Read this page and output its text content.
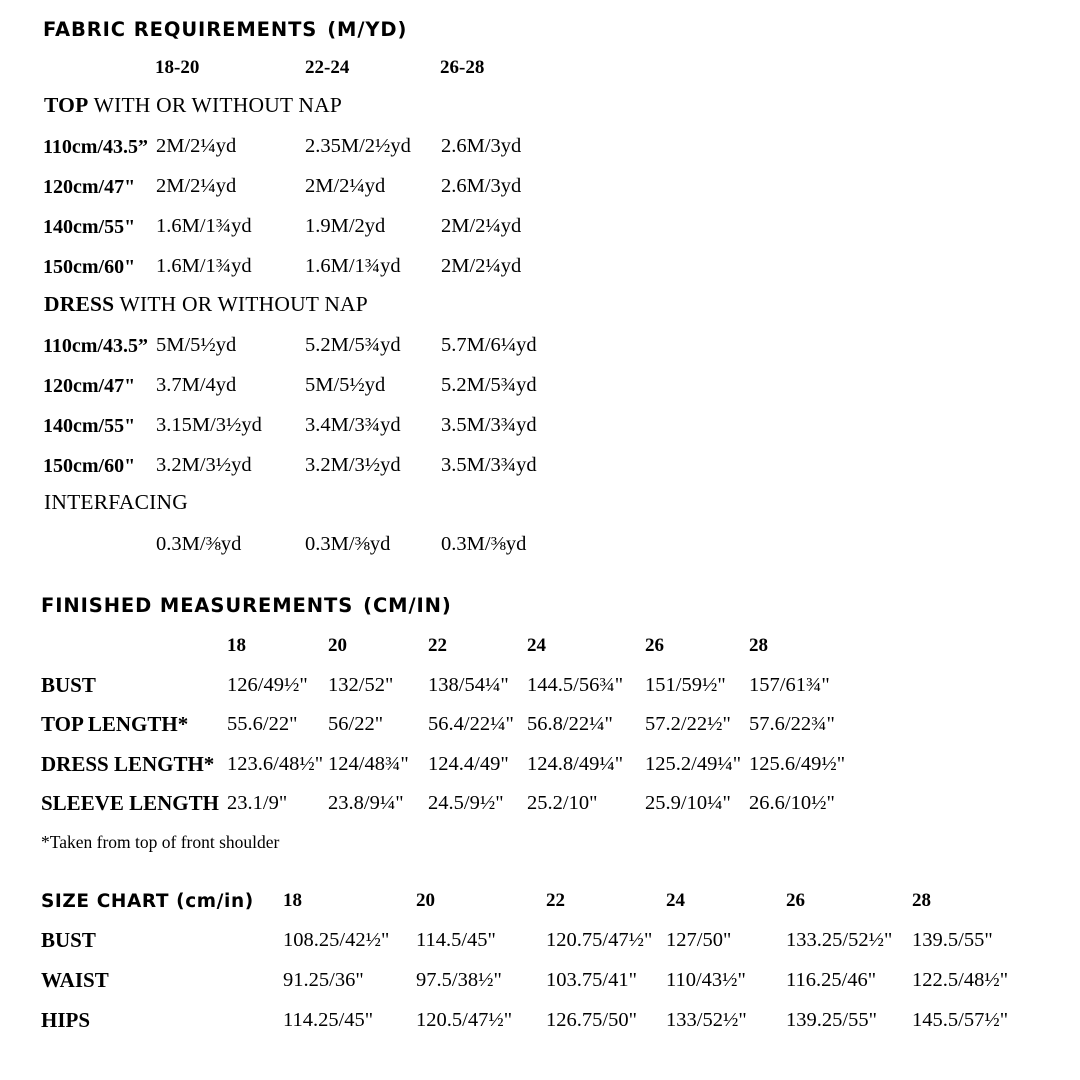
FABRIC REQUIREMENTS (M/YD)
18-20	22-24	26-28
TOP WITH OR WITHOUT NAP
110cm/43.5” 2M/2¼yd	2.35M/2½yd 2.6M/3yd
120cm/47" 2M/2¼yd	2M/2¼yd	2.6M/3yd
140cm/55" 1.6M/1¾yd	1.9M/2yd	2M/2¼yd
150cm/60" 1.6M/1¾yd	1.6M/1¾yd 2M/2¼yd
DRESS WITH OR WITHOUT NAP
110cm/43.5” 5M/5½yd	5.2M/5¾yd 5.7M/6¼yd
120cm/47" 3.7M/4yd	5M/5½yd	5.2M/5¾yd
140cm/55" 3.15M/3½yd 3.4M/3¾yd 3.5M/3¾yd
150cm/60" 3.2M/3½yd	3.2M/3½yd 3.5M/3¾yd
INTERFACING
0.3M/⅜yd	0.3M/⅜yd 0.3M/⅜yd
FINISHED MEASUREMENTS (CM/IN)
18	20	22	24	26	28
BUST	126/49½" 132/52" 138/54¼" 144.5/56¾" 151/59½" 157/61¾"
TOP LENGTH* 55.6/22" 56/22" 56.4/22¼" 56.8/22¼" 57.2/22½" 57.6/22¾"
DRESS LENGTH* 123.6/48½" 124/48¾" 124.4/49" 124.8/49¼" 125.2/49¼" 125.6/49½"
SLEEVE LENGTH 23.1/9" 23.8/9¼" 24.5/9½" 25.2/10" 25.9/10¼" 26.6/10½"
*Taken from top of front shoulder
SIZE CHART (cm/in) 18	20	22	24	26	28
BUST	108.25/42½" 114.5/45" 120.75/47½" 127/50"	133.25/52½" 139.5/55"
WAIST	91.25/36"	97.5/38½" 103.75/41" 110/43½" 116.25/46" 122.5/48½"
HIPS	114.25/45" 120.5/47½" 126.75/50" 133/52½" 139.25/55" 145.5/57½"
